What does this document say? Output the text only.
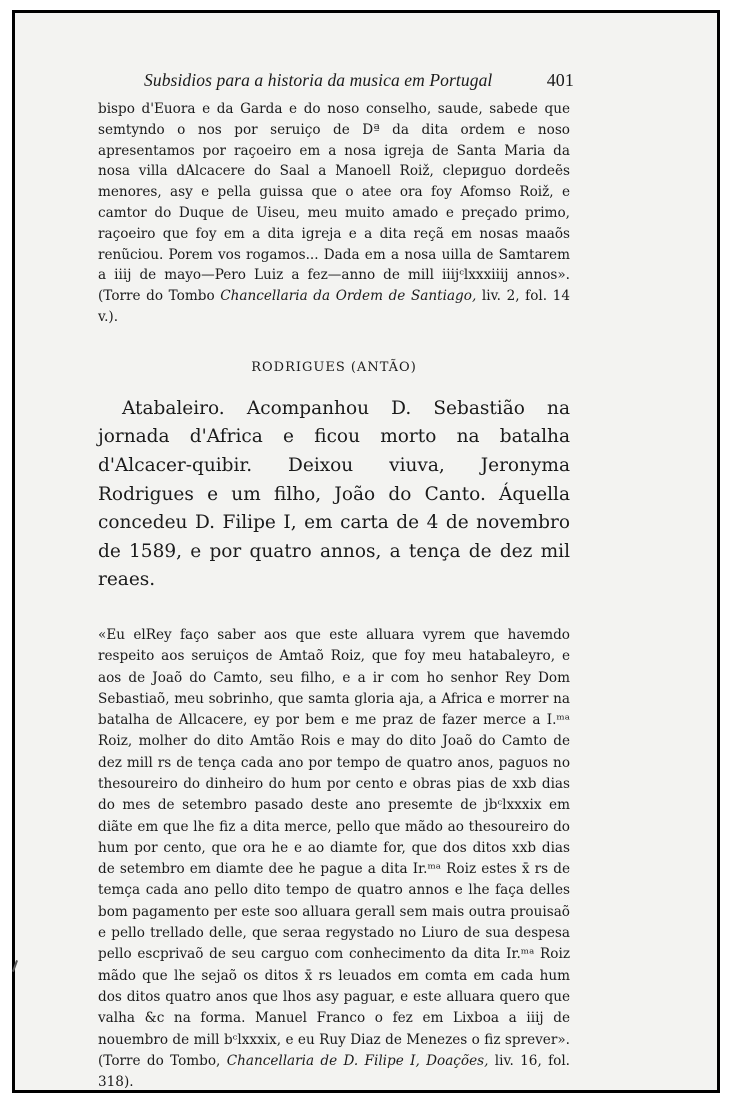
Subsidios para a historia da musica em Portugal	401

bispo d'Euora e da Garda e do noso conselho, saude, sabede que semtyndo o nos por seruiço de Dª da dita ordem e noso apresentamos por raçoeiro em a nosa igreja de Santa Maria da nosa villa dAlcacere do Saal a Manoell Roiž, clериguo dordeẽs menores, asy e pella guissa que o atee ora foy Afomso Roiž, e camtor do Duque de Uiseu, meu muito amado e preçado primo, raçoeiro que foy em a dita igreja e a dita reçã em nosas maaõs renũciou. Porem vos rogamos... Dada em a nosa uilla de Samtarem a iiij de mayo—Pero Luiz a fez—anno de mill iiijᶜlxxxiiij annos». (Torre do Tombo Chancellaria da Ordem de Santiago, liv. 2, fol. 14 v.).

RODRIGUES (ANTÃO)

Atabaleiro. Acompanhou D. Sebastião na jornada d'Africa e ficou morto na batalha d'Alcacer-quibir. Deixou viuva, Jeronyma Rodrigues e um filho, João do Canto. Áquella concedeu D. Filipe I, em carta de 4 de novembro de 1589, e por quatro annos, a tença de dez mil reaes.

«Eu elRey faço saber aos que este alluara vyrem que havemdo respeito aos seruiços de Amtaõ Roiz, que foy meu hatabaleyro, e aos de Joaõ do Camto, seu filho, e a ir com ho senhor Rey Dom Sebastiaõ, meu sobrinho, que samta gloria aja, a Africa e morrer na batalha de Allcacere, ey por bem e me praz de fazer merce a I.ᵐᵃ Roiz, molher do dito Amtão Rois e may do dito Joaõ do Camto de dez mill rs de tença cada ano por tempo de quatro anos, paguos no thesoureiro do dinheiro do hum por cento e obras pias de xxb dias do mes de setembro pasado deste ano presemte de jbᶜlxxxix em diãte em que lhe fiz a dita merce, pello que mãdo ao thesoureiro do hum por cento, que ora he e ao diamte for, que dos ditos xxb dias de setembro em diamte dee he pague a dita Ir.ᵐᵃ Roiz estes x̄ rs de temça cada ano pello dito tempo de quatro annos e lhe faça delles bom pagamento per este soo alluara gerall sem mais outra prouisaõ e pello trellado delle, que seraa regystado no Liuro de sua despesa pello escprivaõ de seu carguo com conhecimento da dita Ir.ᵐᵃ Roiz mãdo que lhe sejaõ os ditos x̄ rs leuados em comta em cada hum dos ditos quatro anos que lhos asy paguar, e este alluara quero que valha &c na forma. Manuel Franco o fez em Lixboa a iiij de nouembro de mill bᶜlxxxix, e eu Ruy Diaz de Menezes o fiz sprever». (Torre do Tombo, Chancellaria de D. Filipe I, Doações, liv. 16, fol. 318).
